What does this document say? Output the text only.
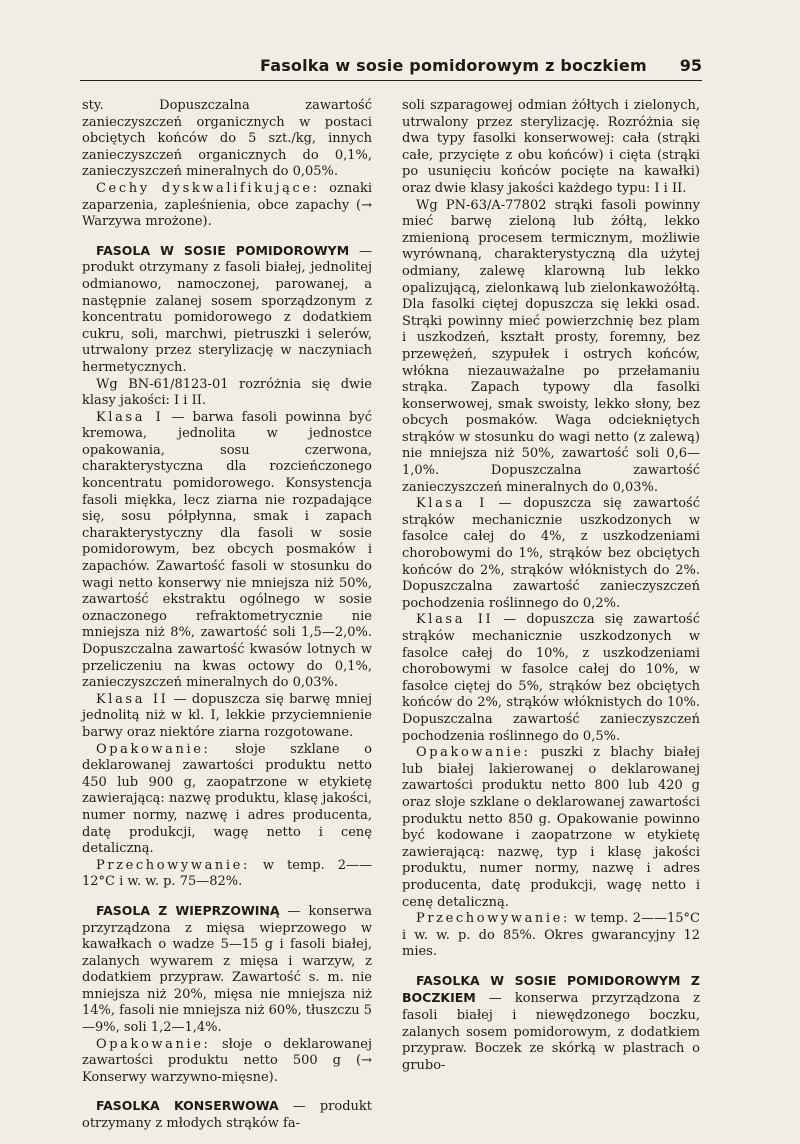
Fasolka w sosie pomidorowym z boczkiem 95

sty. Dopuszczalna zawartość zanieczyszczeń organicznych w postaci obciętych końców do 5 szt./kg, innych zanieczyszczeń organicznych do 0,1%, zanieczyszczeń mineralnych do 0,05%.

Cechy dyskwalifikujące: oznaki zaparzenia, zapleśnienia, obce zapachy (→ Warzywa mrożone).

FASOLA W SOSIE POMIDOROWYM — produkt otrzymany z fasoli białej, jednolitej odmianowo, namoczonej, parowanej, a następnie zalanej sosem sporządzonym z koncentratu pomidorowego z dodatkiem cukru, soli, marchwi, pietruszki i selerów, utrwalony przez sterylizację w naczyniach hermetycznych.

Wg BN-61/8123-01 rozróżnia się dwie klasy jakości: I i II.

Klasa I — barwa fasoli powinna być kremowa, jednolita w jednostce opakowania, sosu czerwona, charakterystyczna dla rozcieńczonego koncentratu pomidorowego. Konsystencja fasoli miękka, lecz ziarna nie rozpadające się, sosu półpłynna, smak i zapach charakterystyczny dla fasoli w sosie pomidorowym, bez obcych posmaków i zapachów. Zawartość fasoli w stosunku do wagi netto konserwy nie mniejsza niż 50%, zawartość ekstraktu ogólnego w sosie oznaczonego refraktometrycznie nie mniejsza niż 8%, zawartość soli 1,5—2,0%. Dopuszczalna zawartość kwasów lotnych w przeliczeniu na kwas octowy do 0,1%, zanieczyszczeń mineralnych do 0,03%.

Klasa II — dopuszcza się barwę mniej jednolitą niż w kl. I, lekkie przyciemnienie barwy oraz niektóre ziarna rozgotowane.

Opakowanie: słoje szklane o deklarowanej zawartości produktu netto 450 lub 900 g, zaopatrzone w etykietę zawierającą: nazwę produktu, klasę jakości, numer normy, nazwę i adres producenta, datę produkcji, wagę netto i cenę detaliczną.

Przechowywanie: w temp. 2——12°C i w. w. p. 75—82%.

FASOLA Z WIEPRZOWINĄ — konserwa przyrządzona z mięsa wieprzowego w kawałkach o wadze 5—15 g i fasoli białej, zalanych wywarem z mięsa i warzyw, z dodatkiem przypraw. Zawartość s. m. nie mniejsza niż 20%, mięsa nie mniejsza niż 14%, fasoli nie mniejsza niż 60%, tłuszczu 5—9%, soli 1,2—1,4%.

Opakowanie: słoje o deklarowanej zawartości produktu netto 500 g (→ Konserwy warzywno-mięsne).

FASOLKA KONSERWOWA — produkt otrzymany z młodych strąków fa-

soli szparagowej odmian żółtych i zielonych, utrwalony przez sterylizację. Rozróżnia się dwa typy fasolki konserwowej: cała (strąki całe, przycięte z obu końców) i cięta (strąki po usunięciu końców pocięte na kawałki) oraz dwie klasy jakości każdego typu: I i II.

Wg PN-63/A-77802 strąki fasoli powinny mieć barwę zieloną lub żółtą, lekko zmienioną procesem termicznym, możliwie wyrównaną, charakterystyczną dla użytej odmiany, zalewę klarowną lub lekko opalizującą, zielonkawą lub zielonkawożółtą. Dla fasolki ciętej dopuszcza się lekki osad. Strąki powinny mieć powierzchnię bez plam i uszkodzeń, kształt prosty, foremny, bez przewężeń, szypułek i ostrych końców, włókna niezauważalne po przełamaniu strąka. Zapach typowy dla fasolki konserwowej, smak swoisty, lekko słony, bez obcych posmaków. Waga odciekniętych strąków w stosunku do wagi netto (z zalewą) nie mniejsza niż 50%, zawartość soli 0,6—1,0%. Dopuszczalna zawartość zanieczyszczeń mineralnych do 0,03%.

Klasa I — dopuszcza się zawartość strąków mechanicznie uszkodzonych w fasolce całej do 4%, z uszkodzeniami chorobowymi do 1%, strąków bez obciętych końców do 2%, strąków włóknistych do 2%. Dopuszczalna zawartość zanieczyszczeń pochodzenia roślinnego do 0,2%.

Klasa II — dopuszcza się zawartość strąków mechanicznie uszkodzonych w fasolce całej do 10%, z uszkodzeniami chorobowymi w fasolce całej do 10%, w fasolce ciętej do 5%, strąków bez obciętych końców do 2%, strąków włóknistych do 10%. Dopuszczalna zawartość zanieczyszczeń pochodzenia roślinnego do 0,5%.

Opakowanie: puszki z blachy białej lub białej lakierowanej o deklarowanej zawartości produktu netto 800 lub 420 g oraz słoje szklane o deklarowanej zawartości produktu netto 850 g. Opakowanie powinno być kodowane i zaopatrzone w etykietę zawierającą: nazwę, typ i klasę jakości produktu, numer normy, nazwę i adres producenta, datę produkcji, wagę netto i cenę detaliczną.

Przechowywanie: w temp. 2——15°C i w. w. p. do 85%. Okres gwarancyjny 12 mies.

FASOLKA W SOSIE POMIDOROWYM Z BOCZKIEM — konserwa przyrządzona z fasoli białej i niewędzonego boczku, zalanych sosem pomidorowym, z dodatkiem przypraw. Boczek ze skórką w plastrach o grubo-
